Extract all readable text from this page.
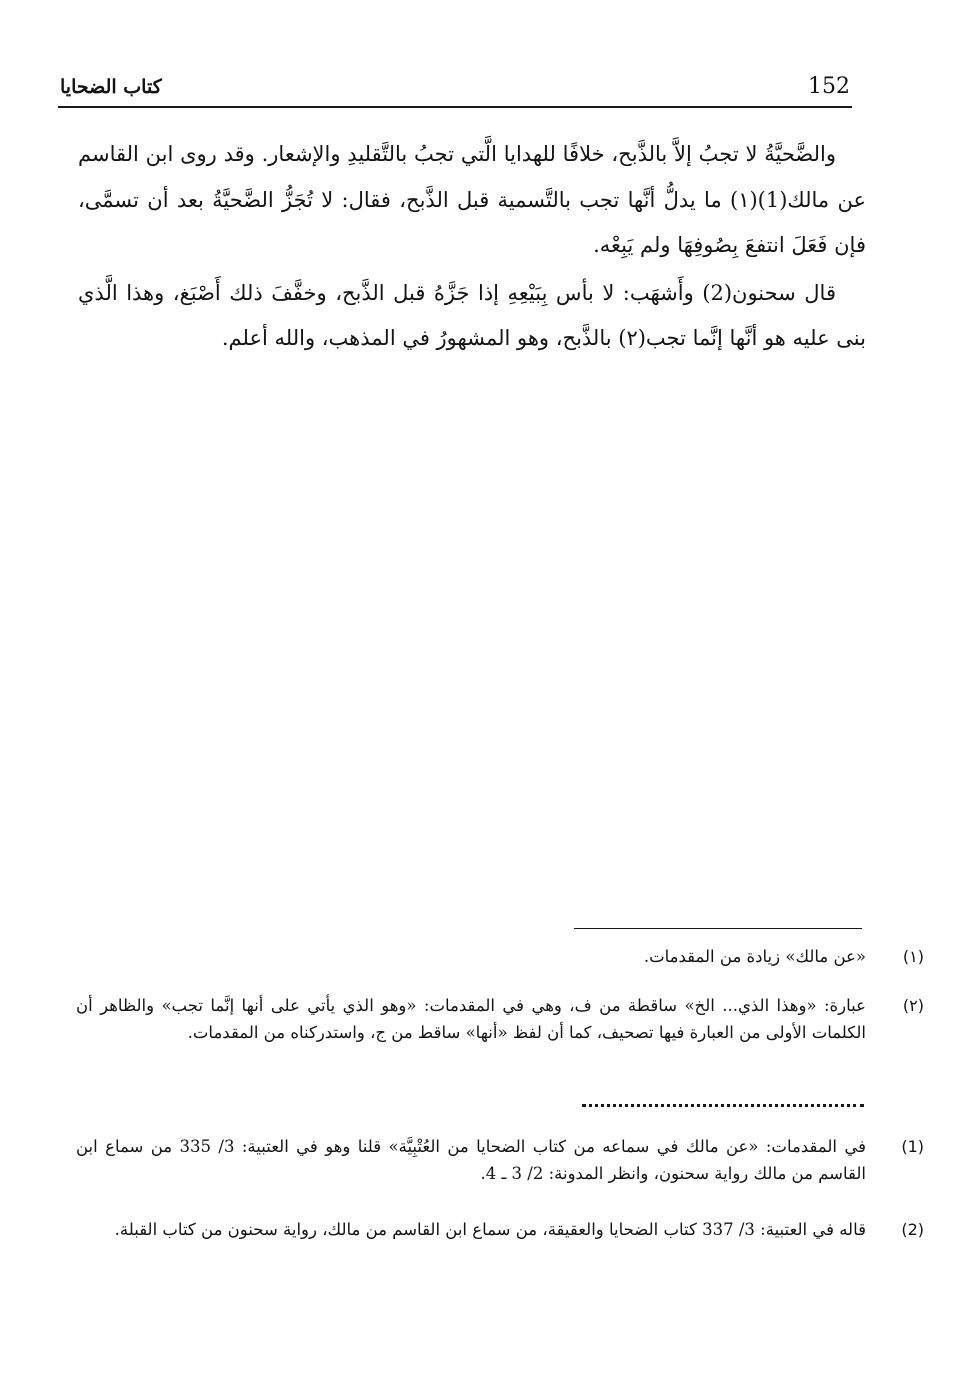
152
كتاب الضحايا

والضَّحيَّةُ لا تجبُ إلاَّ بالذَّبح، خلافًا للهدايا الَّتي تجبُ بالتَّقليدِ والإشعار. وقد روى ابن القاسم عن مالك(1)(١) ما يدلُّ أنَّها تجب بالتَّسمية قبل الذَّبح، فقال: لا تُجَزُّ الضَّحيَّةُ بعد أن تسمَّى، فإن فَعَلَ انتفعَ بِصُوفِهَا ولم يَبِعْه.

قال سحنون(2) وأَشهَب: لا بأس بِبَيْعِهِ إذا جَزَّهُ قبل الذَّبح، وخفَّفَ ذلك أَصْبَغ، وهذا الَّذي بنى عليه هو أنَّها إنَّما تجب(٢) بالذَّبح، وهو المشهورُ في المذهب، والله أعلم.

(١)

«عن مالك» زيادة من المقدمات.

(٢)

عبارة: «وهذا الذي... الخ» ساقطة من ف، وهي في المقدمات: «وهو الذي يأتي على أنها إنَّما تجب» والظاهر أن الكلمات الأولى من العبارة فيها تصحيف، كما أن لفظ «أنها» ساقط من ج، واستدركناه من المقدمات.

(1)

في المقدمات: «عن مالك في سماعه من كتاب الضحايا من العُتْبِيَّة» قلنا وهو في العتبية: 3/ 335 من سماع ابن القاسم من مالك رواية سحنون، وانظر المدونة: 2/ 3 ـ 4.

(2)

قاله في العتبية: 3/ 337 كتاب الضحايا والعقيقة، من سماع ابن القاسم من مالك، رواية سحنون من كتاب القبلة.
